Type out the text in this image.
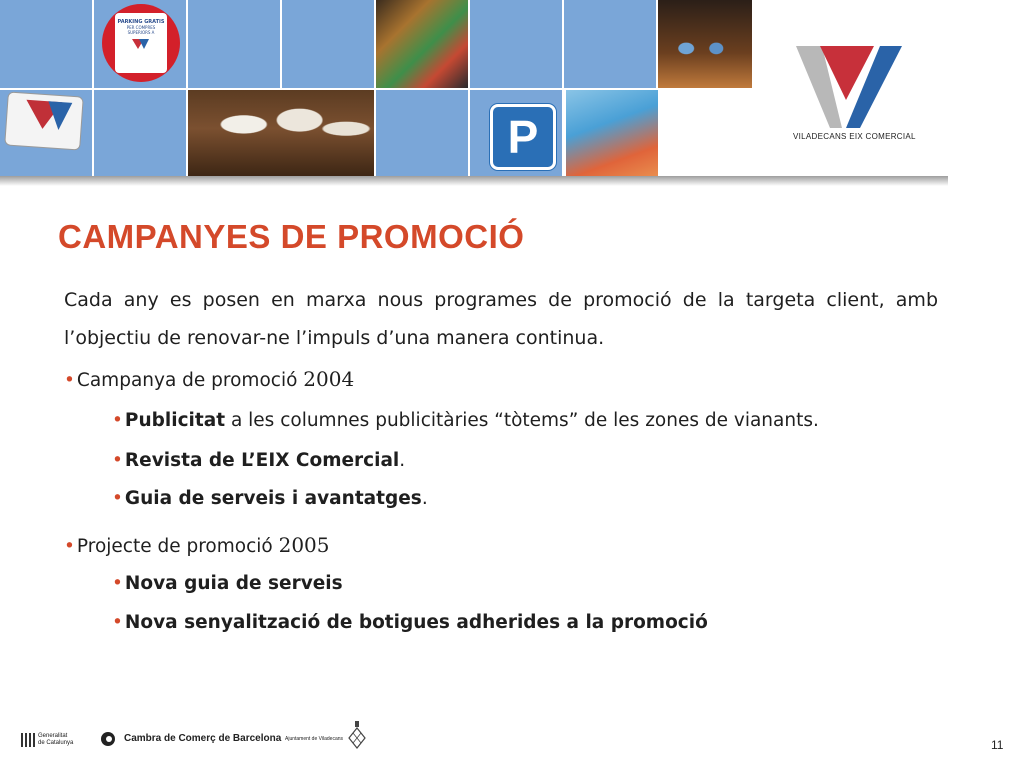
PARKING GRATIS
PER COMPRES SUPERIORS A
P	VILADECANS EIX COMERCIAL
CAMPANYES DE PROMOCIÓ
Cada any es posen en marxa nous programes de promoció de la targeta client, amb l’objectiu de renovar-ne l’impuls d’una manera continua.
• Campanya de promoció 2004
• Publicitat a les columnes publicitàries “tòtems” de les zones de vianants.
• Revista de L’EIX Comercial.
• Guia de serveis i avantatges.
• Projecte de promoció 2005
• Nova guia de serveis
• Nova senyalització de botigues adherides a la promoció
Generalitat
de Catalunya	Cambra de Comerç de Barcelona Ajuntament de Viladecans	11
